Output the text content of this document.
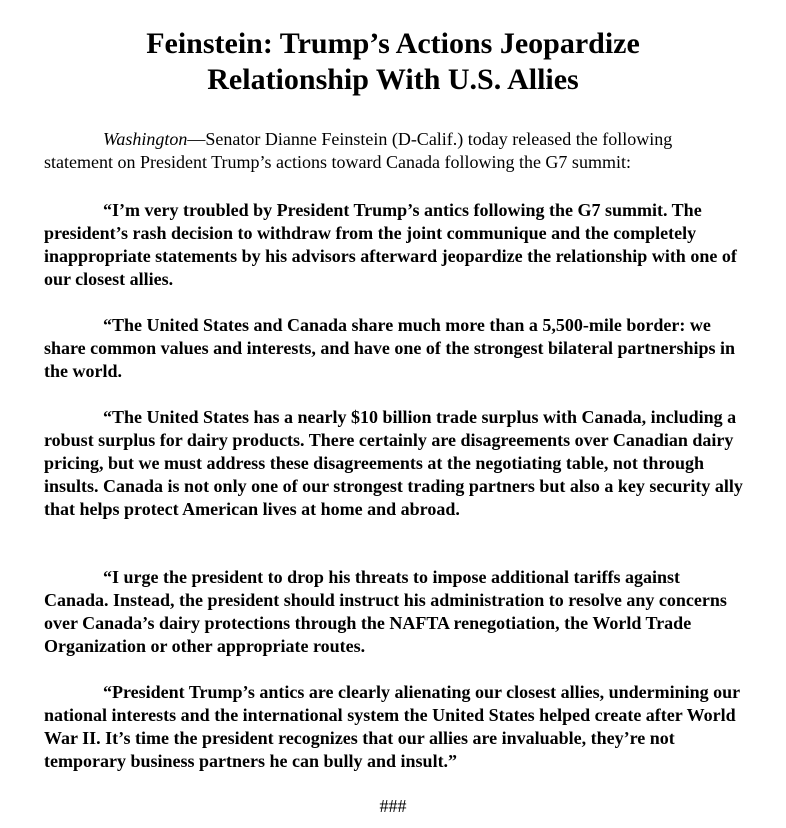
Feinstein: Trump’s Actions Jeopardize
Relationship With U.S. Allies

Washington—Senator Dianne Feinstein (D-Calif.) today released the following statement on President Trump’s actions toward Canada following the G7 summit:

“I’m very troubled by President Trump’s antics following the G7 summit. The president’s rash decision to withdraw from the joint communique and the completely inappropriate statements by his advisors afterward jeopardize the relationship with one of our closest allies.

“The United States and Canada share much more than a 5,500-mile border: we share common values and interests, and have one of the strongest bilateral partnerships in the world.

“The United States has a nearly $10 billion trade surplus with Canada, including a robust surplus for dairy products. There certainly are disagreements over Canadian dairy pricing, but we must address these disagreements at the negotiating table, not through insults. Canada is not only one of our strongest trading partners but also a key security ally that helps protect American lives at home and abroad.

“I urge the president to drop his threats to impose additional tariffs against Canada. Instead, the president should instruct his administration to resolve any concerns over Canada’s dairy protections through the NAFTA renegotiation, the World Trade Organization or other appropriate routes.

“President Trump’s antics are clearly alienating our closest allies, undermining our national interests and the international system the United States helped create after World War II. It’s time the president recognizes that our allies are invaluable, they’re not temporary business partners he can bully and insult.”

###
